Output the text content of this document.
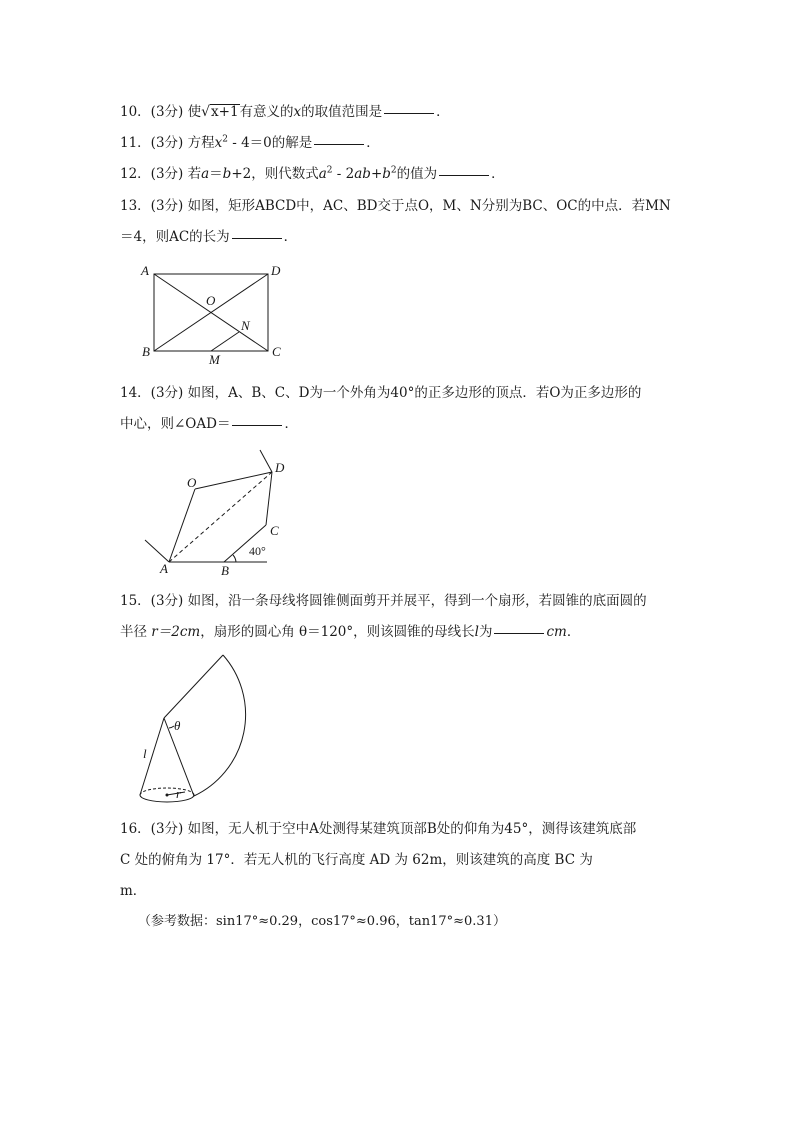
10．(3分) 使√x+1有意义的x的取值范围是	．
11．(3分) 方程$x^2 - 4=0$的解是	．
12．(3分) 若a＝b+2，则代数式$a^2 - 2ab+b^2$的值为	．
13．(3分) 如图，矩形ABCD中，AC、BD交于点O，M、N分别为BC、OC的中点．若MN
＝4，则AC的长为	．
A	D
B	C
O
N
M
14．(3分) 如图，A、B、C、D为一个外角为40°的正多边形的顶点．若O为正多边形的
中心，则∠OAD＝	．
A	B
C
D
O
40°
15．(3分) 如图，沿一条母线将圆锥侧面剪开并展平，得到一个扇形，若圆锥的底面圆的
半径 r＝2cm，扇形的圆心角 θ＝120°，则该圆锥的母线长l为	cm．
θ
l
r
16．(3分) 如图，无人机于空中A处测得某建筑顶部B处的仰角为45°，测得该建筑底部
C 处的俯角为 17°．若无人机的飞行高度 AD 为 62m，则该建筑的高度 BC 为
m．
（参考数据：sin17°≈0.29，cos17°≈0.96，tan17°≈0.31）
